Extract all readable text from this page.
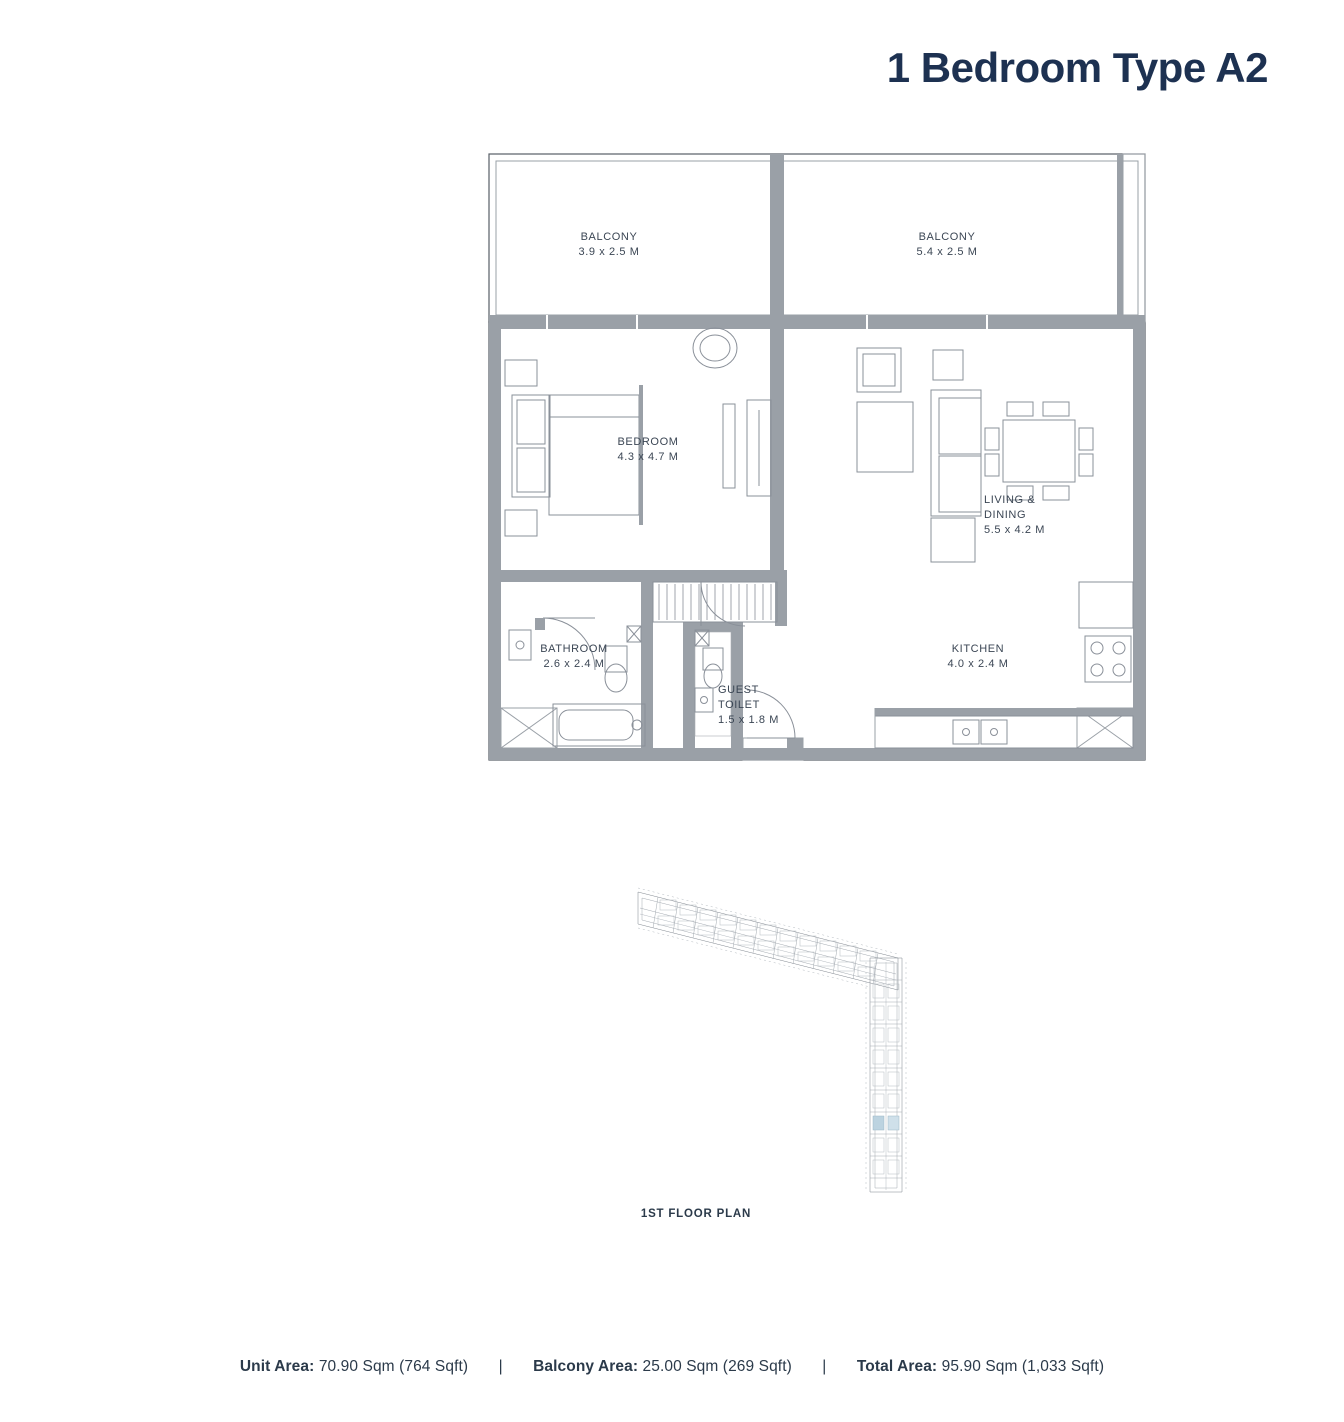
1 Bedroom Type A2
BALCONY
3.9 x 2.5 M
BALCONY
5.4 x 2.5 M
BEDROOM
4.3 x 4.7 M
LIVING &
DINING
5.5 x 4.2 M
BATHROOM
2.6 x 2.4 M
GUEST
TOILET
1.5 x 1.8 M
KITCHEN
4.0 x 2.4 M
1ST FLOOR PLAN
Unit Area: 70.90 Sqm (764 Sqft) | Balcony Area: 25.00 Sqm (269 Sqft) | Total Area: 95.90 Sqm (1,033 Sqft)
